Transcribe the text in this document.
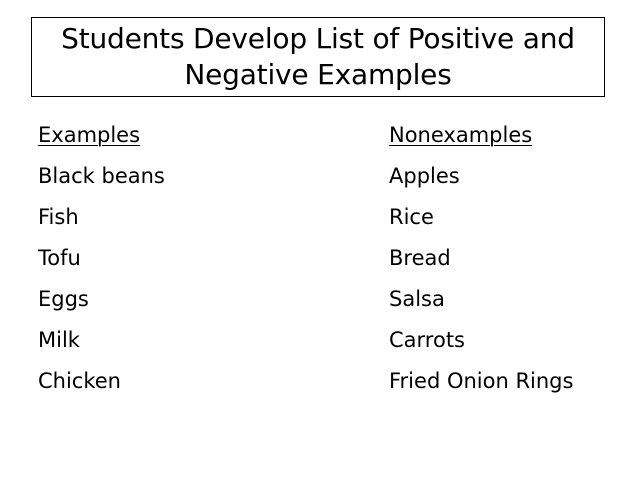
Students Develop List of Positive and Negative Examples
Examples
Black beans
Fish
Tofu
Eggs
Milk
Chicken
Nonexamples
Apples
Rice
Bread
Salsa
Carrots
Fried Onion Rings
